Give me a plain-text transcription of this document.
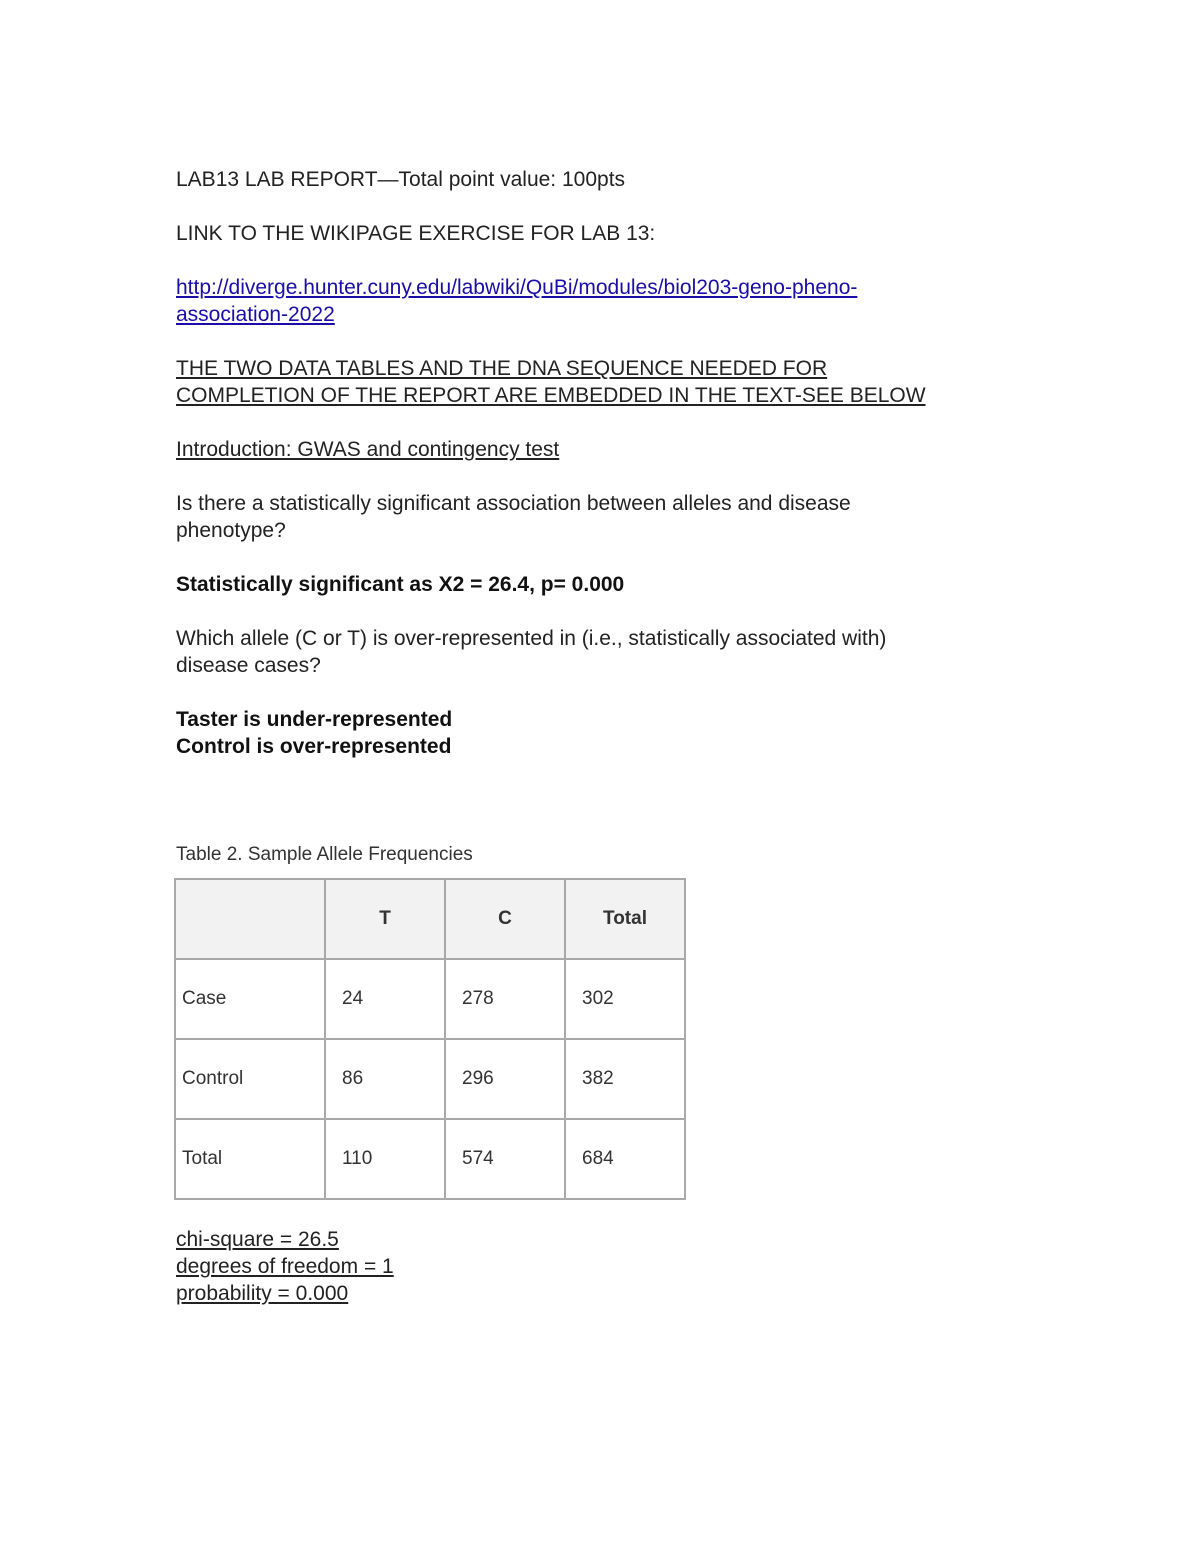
LAB13 LAB REPORT—Total point value: 100pts

LINK TO THE WIKIPAGE EXERCISE FOR LAB 13:

http://diverge.hunter.cuny.edu/labwiki/QuBi/modules/biol203-geno-pheno-

association-2022

THE TWO DATA TABLES AND THE DNA SEQUENCE NEEDED FOR

COMPLETION OF THE REPORT ARE EMBEDDED IN THE TEXT-SEE BELOW

Introduction: GWAS and contingency test

Is there a statistically significant association between alleles and disease

phenotype?

Statistically significant as X2 = 26.4, p= 0.000

Which allele (C or T) is over-represented in (i.e., statistically associated with)

disease cases?

Taster is under-represented

Control is over-represented

Table 2. Sample Allele Frequencies

	T	C	Total
Case	24	278	302
Control	86	296	382
Total	110	574	684

chi-square = 26.5

degrees of freedom = 1

probability = 0.000
